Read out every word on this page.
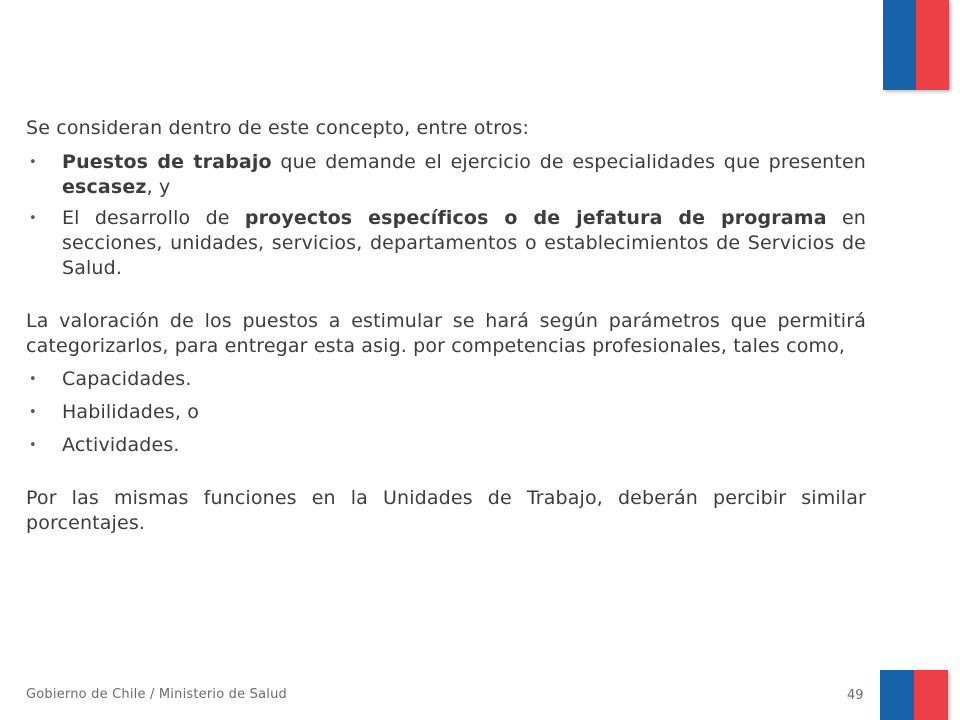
Se consideran dentro de este concepto, entre otros:

• Puestos de trabajo que demande el ejercicio de especialidades que presenten escasez, y
• El desarrollo de proyectos específicos o de jefatura de programa en secciones, unidades, servicios, departamentos o establecimientos de Servicios de Salud.

La valoración de los puestos a estimular se hará según parámetros que permitirá categorizarlos, para entregar esta asig. por competencias profesionales, tales como,

• Capacidades.
• Habilidades, o
• Actividades.

Por las mismas funciones en la Unidades de Trabajo, deberán percibir similar porcentajes.

Gobierno de Chile / Ministerio de Salud	49
